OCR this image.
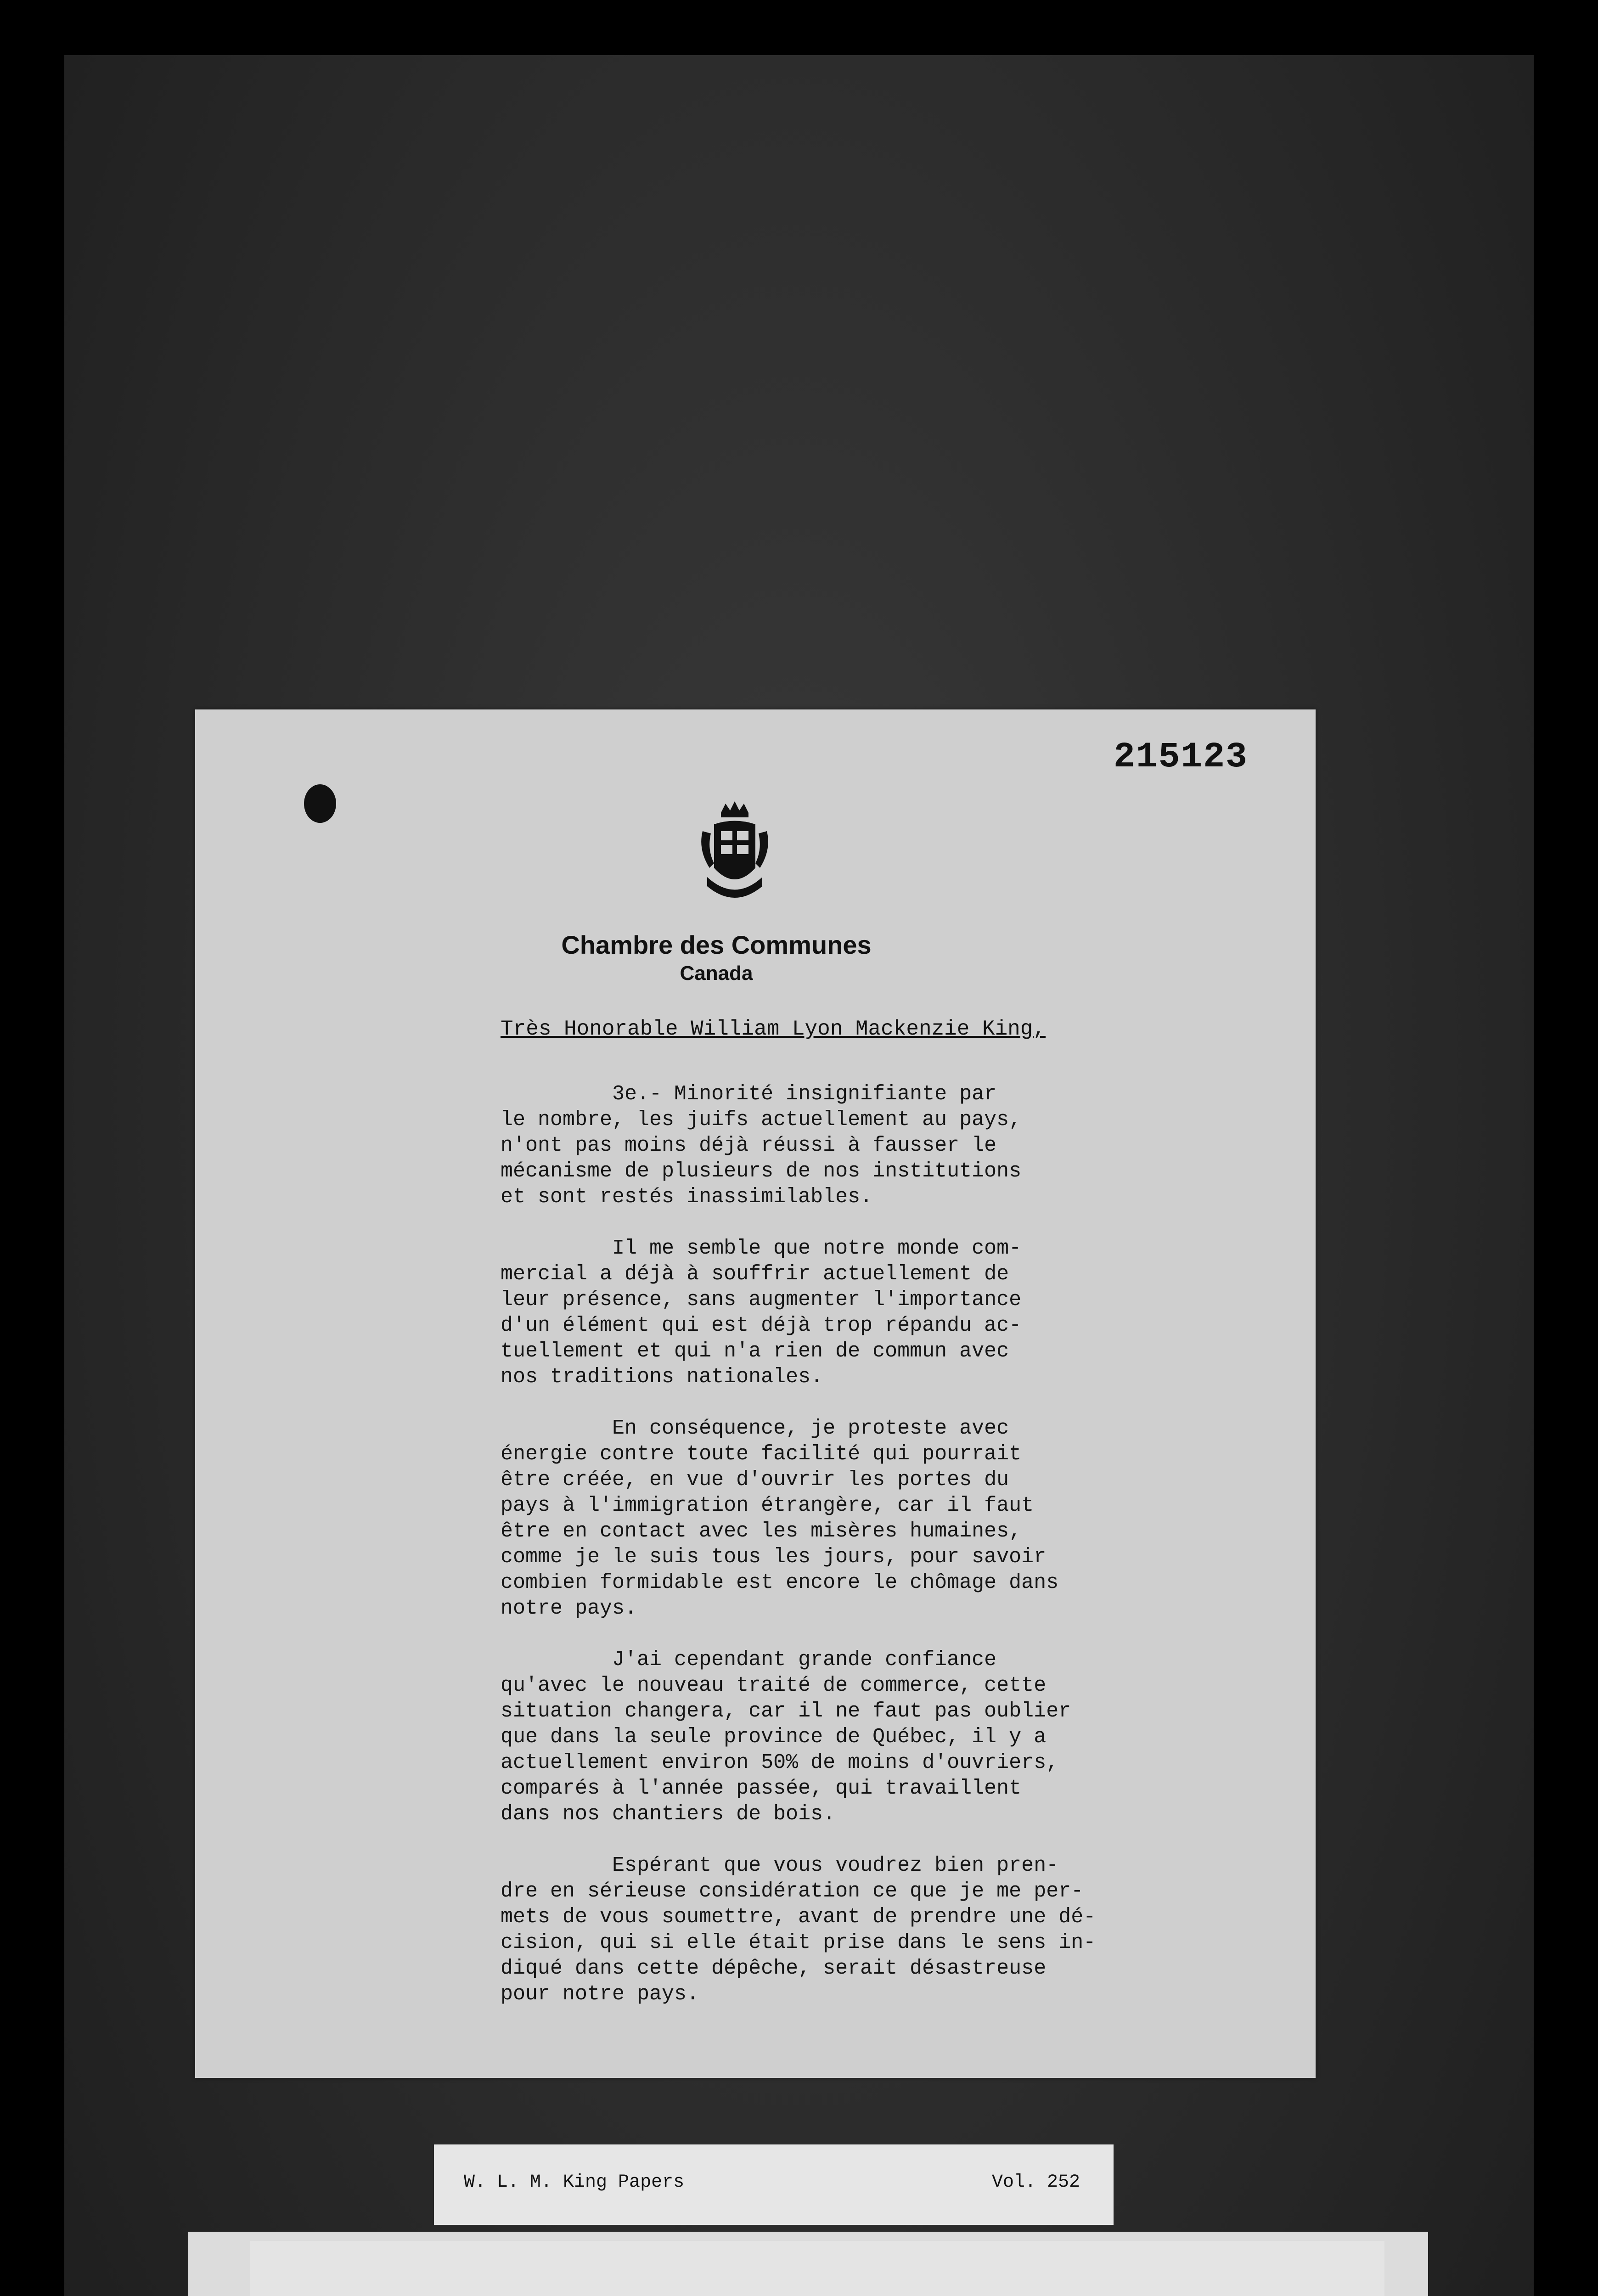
215123
Chambre des Communes
Canada
Très Honorable William Lyon Mackenzie King,

3e.- Minorité insignifiante par
le nombre, les juifs actuellement au pays,
n'ont pas moins déjà réussi à fausser le
mécanisme de plusieurs de nos institutions
et sont restés inassimilables.

Il me semble que notre monde com-
mercial a déjà à souffrir actuellement de
leur présence, sans augmenter l'importance
d'un élément qui est déjà trop répandu ac-
tuellement et qui n'a rien de commun avec
nos traditions nationales.

En conséquence, je proteste avec
énergie contre toute facilité qui pourrait
être créée, en vue d'ouvrir les portes du
pays à l'immigration étrangère, car il faut
être en contact avec les misères humaines,
comme je le suis tous les jours, pour savoir
combien formidable est encore le chômage dans
notre pays.

J'ai cependant grande confiance
qu'avec le nouveau traité de commerce, cette
situation changera, car il ne faut pas oublier
que dans la seule province de Québec, il y a
actuellement environ 50% de moins d'ouvriers,
comparés à l'année passée, qui travaillent
dans nos chantiers de bois.

Espérant que vous voudrez bien pren-
dre en sérieuse considération ce que je me per-
mets de vous soumettre, avant de prendre une dé-
cision, qui si elle était prise dans le sens in-
diqué dans cette dépêche, serait désastreuse
pour notre pays.

W. L. M. King Papers	Vol. 252
